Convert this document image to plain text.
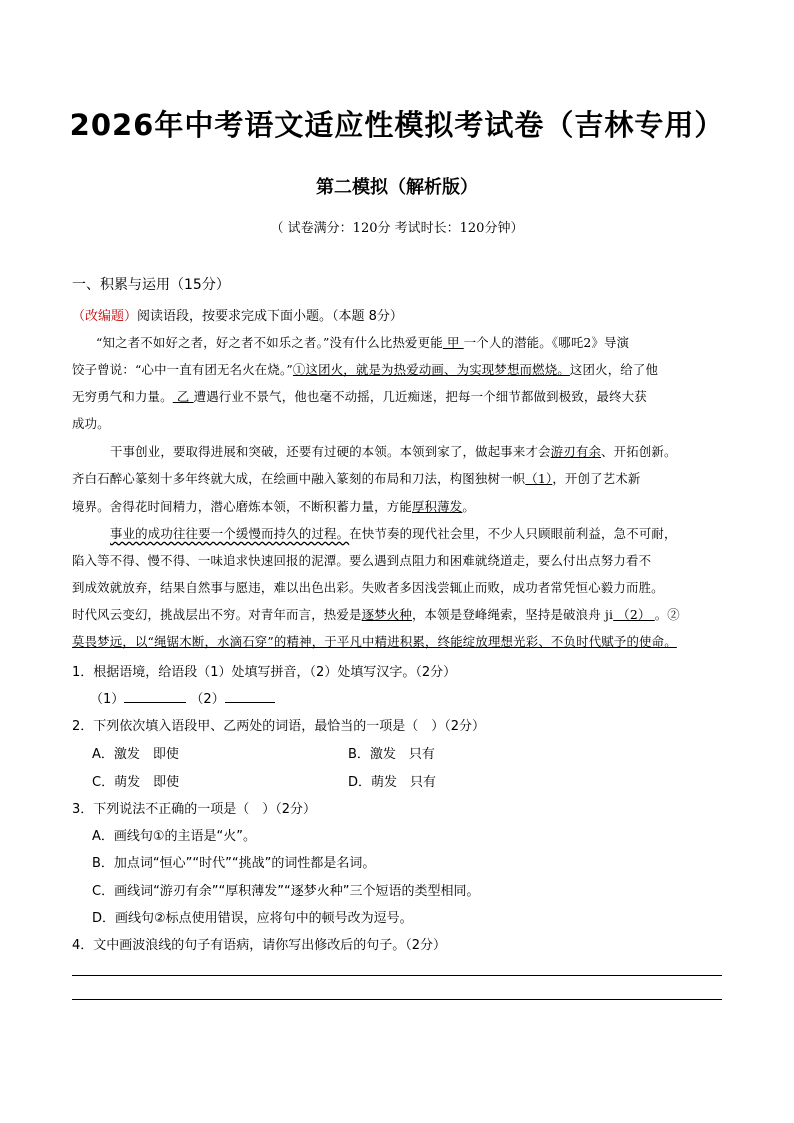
2026年中考语文适应性模拟考试卷（吉林专用）
第二模拟（解析版）
（ 试卷满分：120分 考试时长：120分钟）
一、积累与运用（15分）
（改编题）阅读语段，按要求完成下面小题。（本题 8分）
“知之者不如好之者，好之者不如乐之者。”没有什么比热爱更能 甲 一个人的潜能。《哪吒2》导演
饺子曾说：“心中一直有团无名火在烧。”①这团火，就是为热爱动画、为实现梦想而燃烧。这团火，给了他
无穷勇气和力量。 乙 遭遇行业不景气，他也毫不动摇，几近痴迷，把每一个细节都做到极致，最终大获
成功。
干事创业，要取得进展和突破，还要有过硬的本领。本领到家了，做起事来才会游刃有余、开拓创新。
齐白石醉心篆刻十多年终就大成，在绘画中融入篆刻的布局和刀法，构图独树一帜（1），开创了艺术新
境界。舍得花时间精力，潜心磨炼本领，不断积蓄力量，方能厚积薄发。
事业的成功往往要一个缓慢而持久的过程。在快节奏的现代社会里，不少人只顾眼前利益，急不可耐，
陷入等不得、慢不得、一味追求快速回报的泥潭。要么遇到点阻力和困难就绕道走，要么付出点努力看不
到成效就放弃，结果自然事与愿违，难以出色出彩。失败者多因浅尝辄止而败，成功者常凭恒心毅力而胜。
时代风云变幻，挑战层出不穷。对青年而言，热爱是逐梦火种，本领是登峰绳索，坚持是破浪舟 ji （2） 。②
莫畏梦远，以“绳锯木断，水滴石穿”的精神，于平凡中精进积累，终能绽放理想光彩、不负时代赋予的使命。
1．根据语境，给语段（1）处填写拼音，（2）处填写汉字。（2分）
（1）	（2）
2．下列依次填入语段甲、乙两处的词语，最恰当的一项是（　）（2分）
A．激发　即使	B．激发　只有
C．萌发　即使	D．萌发　只有
3．下列说法不正确的一项是（　）（2分）
A．画线句①的主语是“火”。
B．加点词“恒心”“时代”“挑战”的词性都是名词。
C．画线词“游刃有余”“厚积薄发”“逐梦火种”三个短语的类型相同。
D．画线句②标点使用错误，应将句中的顿号改为逗号。
4．文中画波浪线的句子有语病，请你写出修改后的句子。（2分）
